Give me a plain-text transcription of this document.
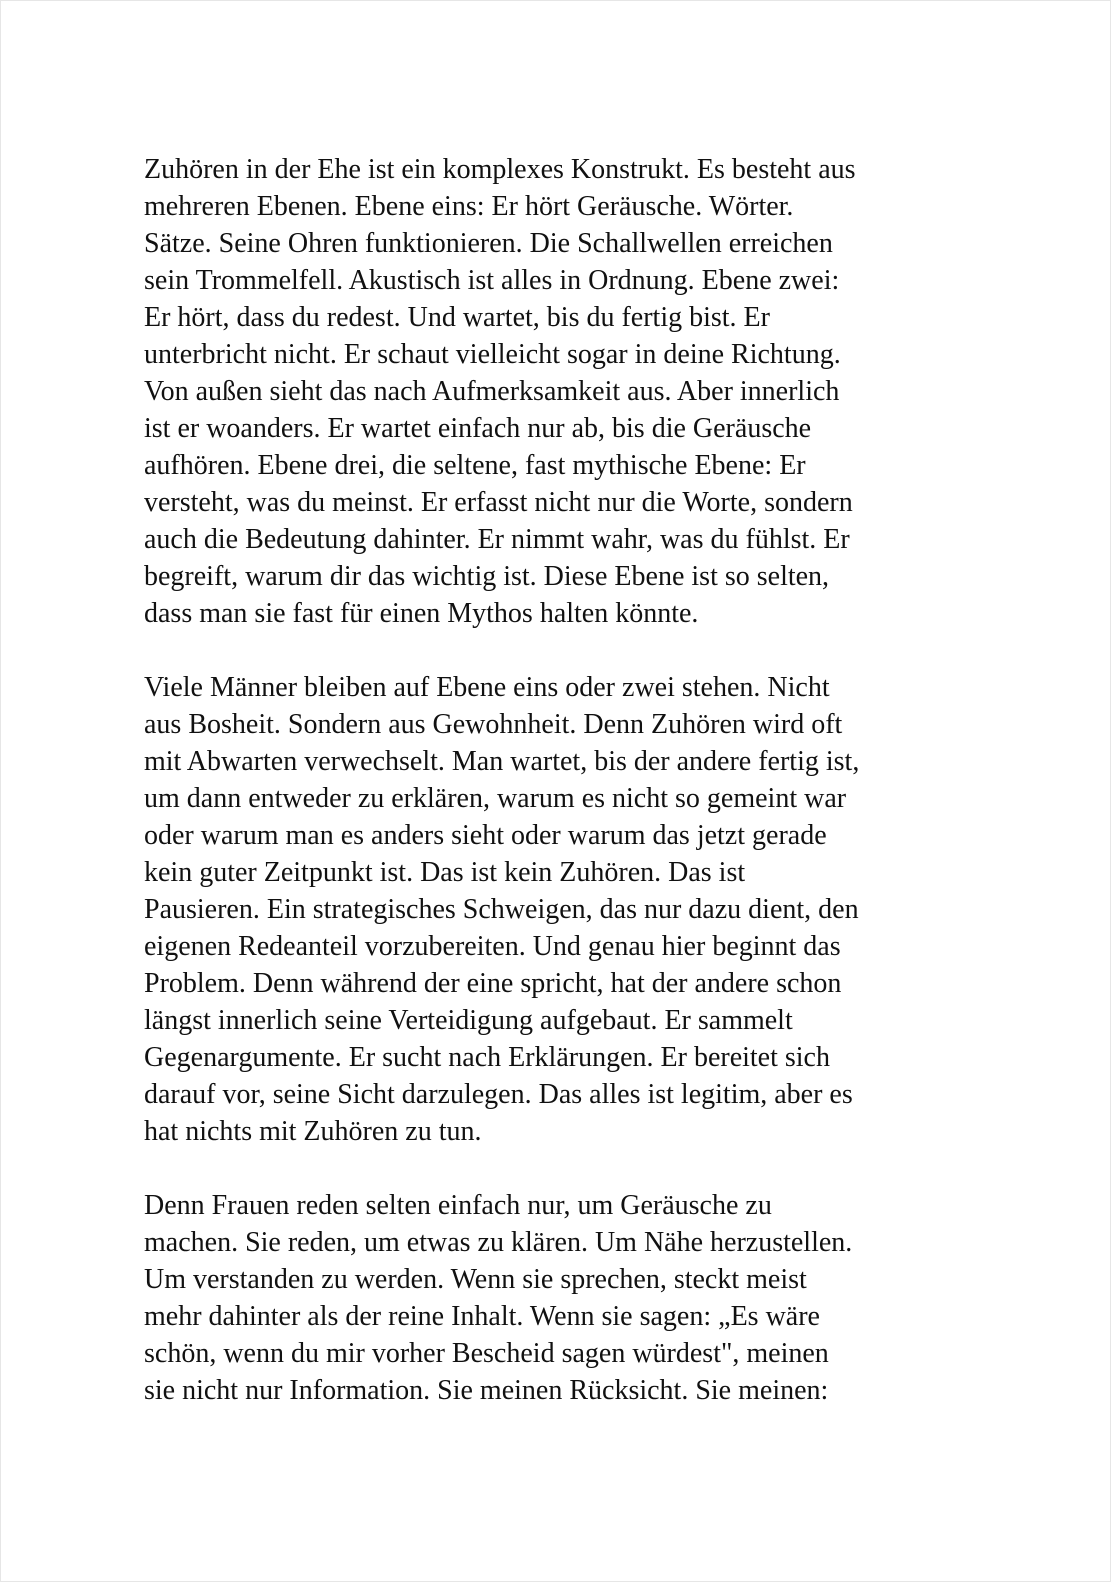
Zuhören in der Ehe ist ein komplexes Konstrukt. Es besteht aus
mehreren Ebenen. Ebene eins: Er hört Geräusche. Wörter.
Sätze. Seine Ohren funktionieren. Die Schallwellen erreichen
sein Trommelfell. Akustisch ist alles in Ordnung. Ebene zwei:
Er hört, dass du redest. Und wartet, bis du fertig bist. Er
unterbricht nicht. Er schaut vielleicht sogar in deine Richtung.
Von außen sieht das nach Aufmerksamkeit aus. Aber innerlich
ist er woanders. Er wartet einfach nur ab, bis die Geräusche
aufhören. Ebene drei, die seltene, fast mythische Ebene: Er
versteht, was du meinst. Er erfasst nicht nur die Worte, sondern
auch die Bedeutung dahinter. Er nimmt wahr, was du fühlst. Er
begreift, warum dir das wichtig ist. Diese Ebene ist so selten,
dass man sie fast für einen Mythos halten könnte.

Viele Männer bleiben auf Ebene eins oder zwei stehen. Nicht
aus Bosheit. Sondern aus Gewohnheit. Denn Zuhören wird oft
mit Abwarten verwechselt. Man wartet, bis der andere fertig ist,
um dann entweder zu erklären, warum es nicht so gemeint war
oder warum man es anders sieht oder warum das jetzt gerade
kein guter Zeitpunkt ist. Das ist kein Zuhören. Das ist
Pausieren. Ein strategisches Schweigen, das nur dazu dient, den
eigenen Redeanteil vorzubereiten. Und genau hier beginnt das
Problem. Denn während der eine spricht, hat der andere schon
längst innerlich seine Verteidigung aufgebaut. Er sammelt
Gegenargumente. Er sucht nach Erklärungen. Er bereitet sich
darauf vor, seine Sicht darzulegen. Das alles ist legitim, aber es
hat nichts mit Zuhören zu tun.

Denn Frauen reden selten einfach nur, um Geräusche zu
machen. Sie reden, um etwas zu klären. Um Nähe herzustellen.
Um verstanden zu werden. Wenn sie sprechen, steckt meist
mehr dahinter als der reine Inhalt. Wenn sie sagen: „Es wäre
schön, wenn du mir vorher Bescheid sagen würdest", meinen
sie nicht nur Information. Sie meinen Rücksicht. Sie meinen:
